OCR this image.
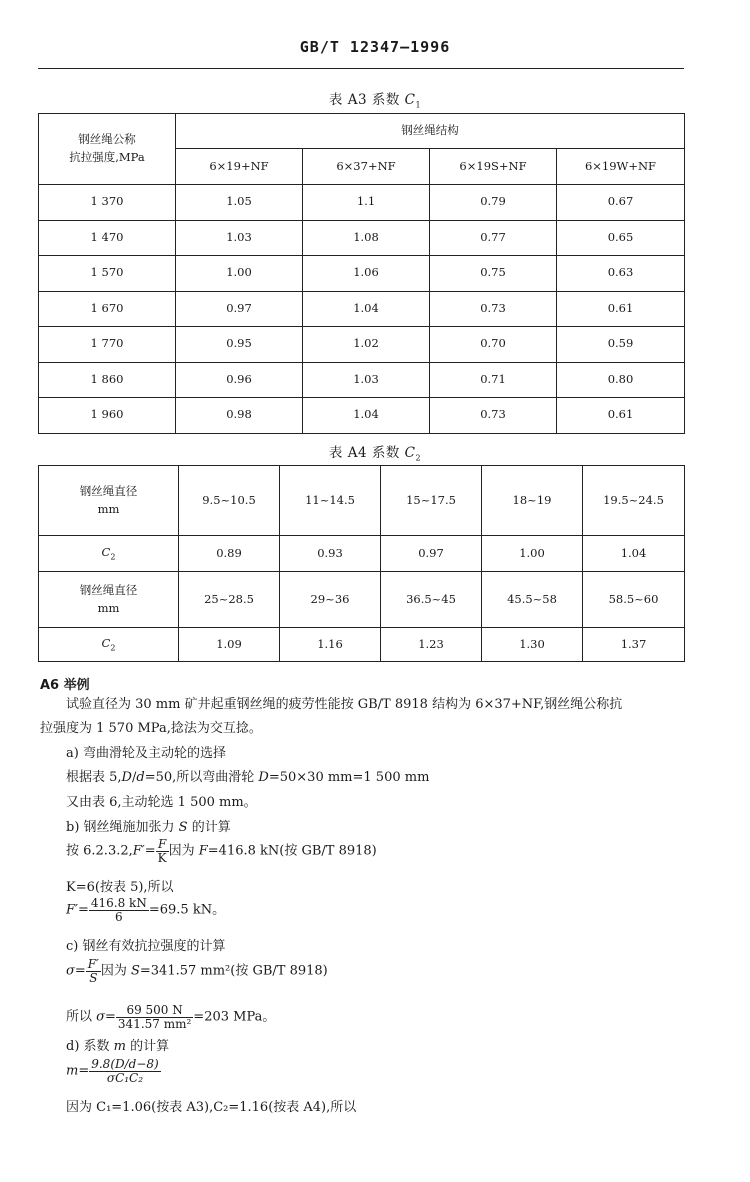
GB/T 12347—1996
表 A3 系数 $C_1$
钢丝绳公称
抗拉强度,MPa	钢丝绳结构			
	6×19+NF	6×37+NF	6×19S+NF	6×19W+NF
1 370	1.05	1.1	0.79	0.67
1 470	1.03	1.08	0.77	0.65
1 570	1.00	1.06	0.75	0.63
1 670	0.97	1.04	0.73	0.61
1 770	0.95	1.02	0.70	0.59
1 860	0.96	1.03	0.71	0.80
1 960	0.98	1.04	0.73	0.61
表 A4 系数 $C_2$
钢丝绳直径
mm	9.5~10.5	11~14.5	15~17.5	18~19	19.5~24.5
$C_2$	0.89	0.93	0.97	1.00	1.04
钢丝绳直径
mm	25~28.5	29~36	36.5~45	45.5~58	58.5~60
$C_2$	1.09	1.16	1.23	1.30	1.37
A6 举例
试验直径为 30 mm 矿井起重钢丝绳的疲劳性能按 GB/T 8918 结构为 6×37+NF,钢丝绳公称抗
拉强度为 1 570 MPa,捻法为交互捻。
a) 弯曲滑轮及主动轮的选择
根据表 5,D/d=50,所以弯曲滑轮 D=50×30 mm=1 500 mm
又由表 6,主动轮选 1 500 mm。
b) 钢丝绳施加张力 S 的计算
按 $6.2.3.2,F'= \frac{F}{K}$ 因为 F=416.8 kN(按 GB/T 8918)
K=6(按表 5),所以
$F'= \frac{416.8 kN}{6} =69.5$ kN。
c) 钢丝有效抗拉强度的计算
$\sigma= \frac{F'}{S}$ 因为 S=341.57 mm²(按 GB/T 8918)
所以 $\sigma= \frac{69 500 N}{\text{341.57 mm²}} =203$ MPa。
d) 系数 m 的计算
$m= \frac{9.8(D/d-8)}{\text{σC₁C₂}}$
因为 C₁=1.06(按表 A3),C₂=1.16(按表 A4),所以
